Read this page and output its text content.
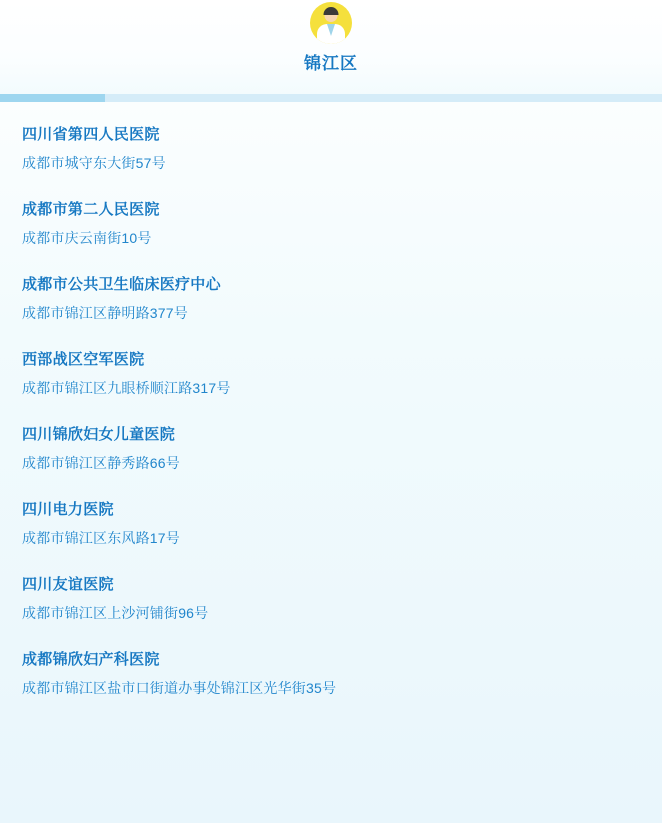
锦江区
四川省第四人民医院
成都市城守东大街57号
成都市第二人民医院
成都市庆云南街10号
成都市公共卫生临床医疗中心
成都市锦江区静明路377号
西部战区空军医院
成都市锦江区九眼桥顺江路317号
四川锦欣妇女儿童医院
成都市锦江区静秀路66号
四川电力医院
成都市锦江区东风路17号
四川友谊医院
成都市锦江区上沙河铺街96号
成都锦欣妇产科医院
成都市锦江区盐市口街道办事处锦江区光华街35号
